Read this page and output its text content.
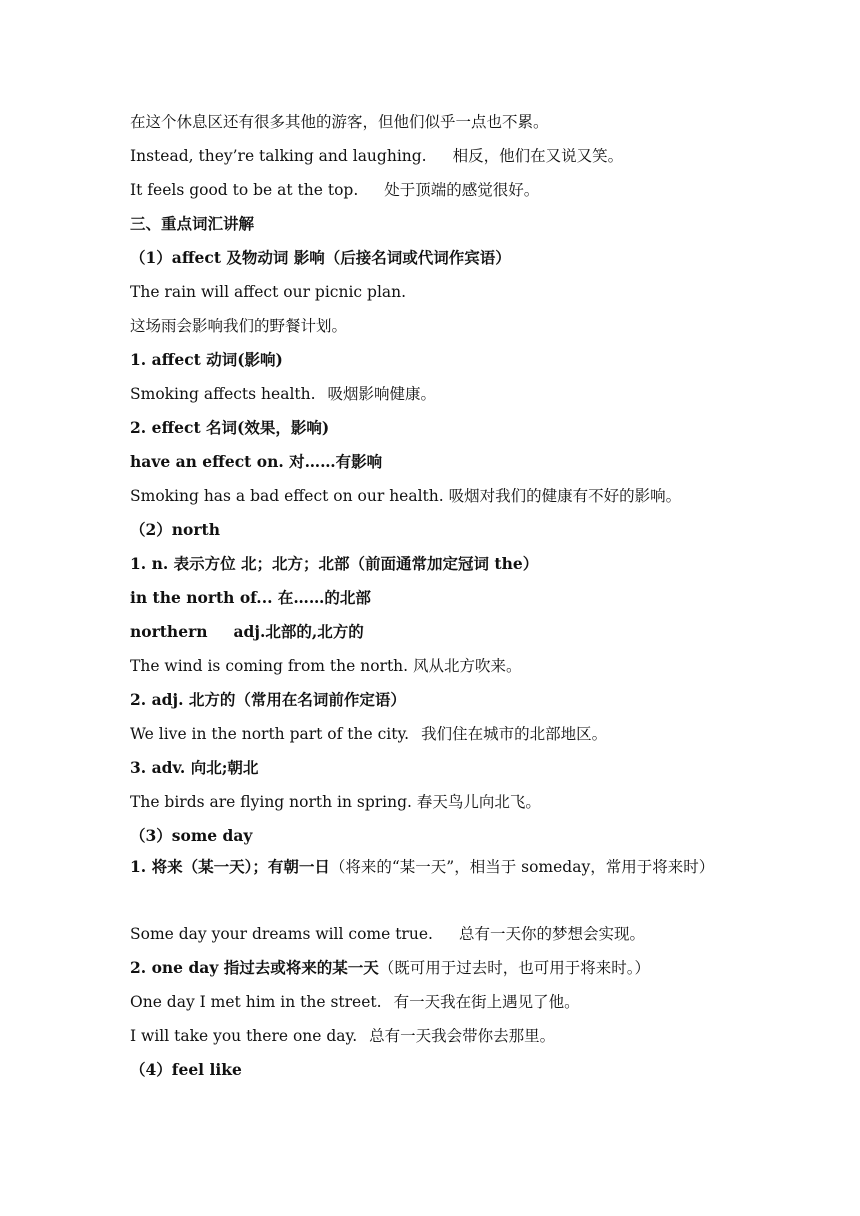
在这个休息区还有很多其他的游客，但他们似乎一点也不累。
Instead, they’re talking and laughing. 相反，他们在又说又笑。
It feels good to be at the top. 处于顶端的感觉很好。
三、重点词汇讲解
（1）affect 及物动词 影响（后接名词或代词作宾语）
The rain will affect our picnic plan.
这场雨会影响我们的野餐计划。
1. affect 动词(影响)
Smoking affects health. 吸烟影响健康。
2. effect 名词(效果，影响)
have an effect on. 对……有影响
Smoking has a bad effect on our health. 吸烟对我们的健康有不好的影响。
（2）north
1. n. 表示方位 北；北方；北部（前面通常加定冠词 the）
in the north of... 在……的北部
northern adj.北部的,北方的
The wind is coming from the north. 风从北方吹来。
2. adj. 北方的（常用在名词前作定语）
We live in the north part of the city. 我们住在城市的北部地区。
3. adv. 向北;朝北
The birds are flying north in spring. 春天鸟儿向北飞。
（3）some day
1. 将来（某一天）；有朝一日（将来的“某一天”，相当于 someday，常用于将来时）
Some day your dreams will come true. 总有一天你的梦想会实现。
2. one day 指过去或将来的某一天（既可用于过去时，也可用于将来时。）
One day I met him in the street. 有一天我在街上遇见了他。
I will take you there one day. 总有一天我会带你去那里。
（4）feel like
